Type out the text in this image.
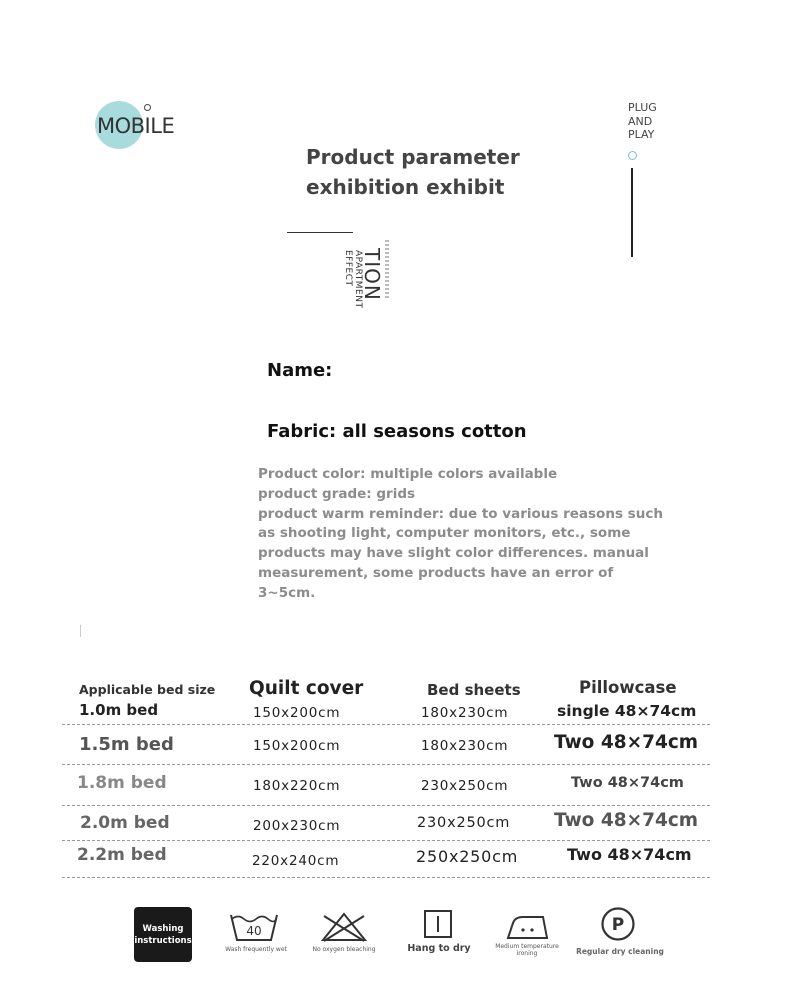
MOBILE
PLUG
AND
PLAY
Product parameter
exhibition exhibit
APARTMENT
EFFECT TION
Name:
Fabric: all seasons cotton
Product color: multiple colors available
product grade: grids
product warm reminder: due to various reasons such
as shooting light, computer monitors, etc., some
products may have slight color differences. manual
measurement, some products have an error of
3~5cm.
Applicable bed size Quilt cover	Bed sheets	Pillowcase
1.0m bed	150x200cm	180x230cm	single 48×74cm
1.5m bed	150x200cm	180x230cm Two 48×74cm
1.8m bed	180x220cm	230x250cm	Two 48×74cm
2.0m bed	200x230cm	230x250cm Two 48×74cm
2.2m bed	220x240cm	250x250cm	Two 48×74cm
Washing
instructions
40
Wash frequently wet	No oxygen bleaching	Hang to dry	Medium temperature
ironing
P
Regular dry cleaning
